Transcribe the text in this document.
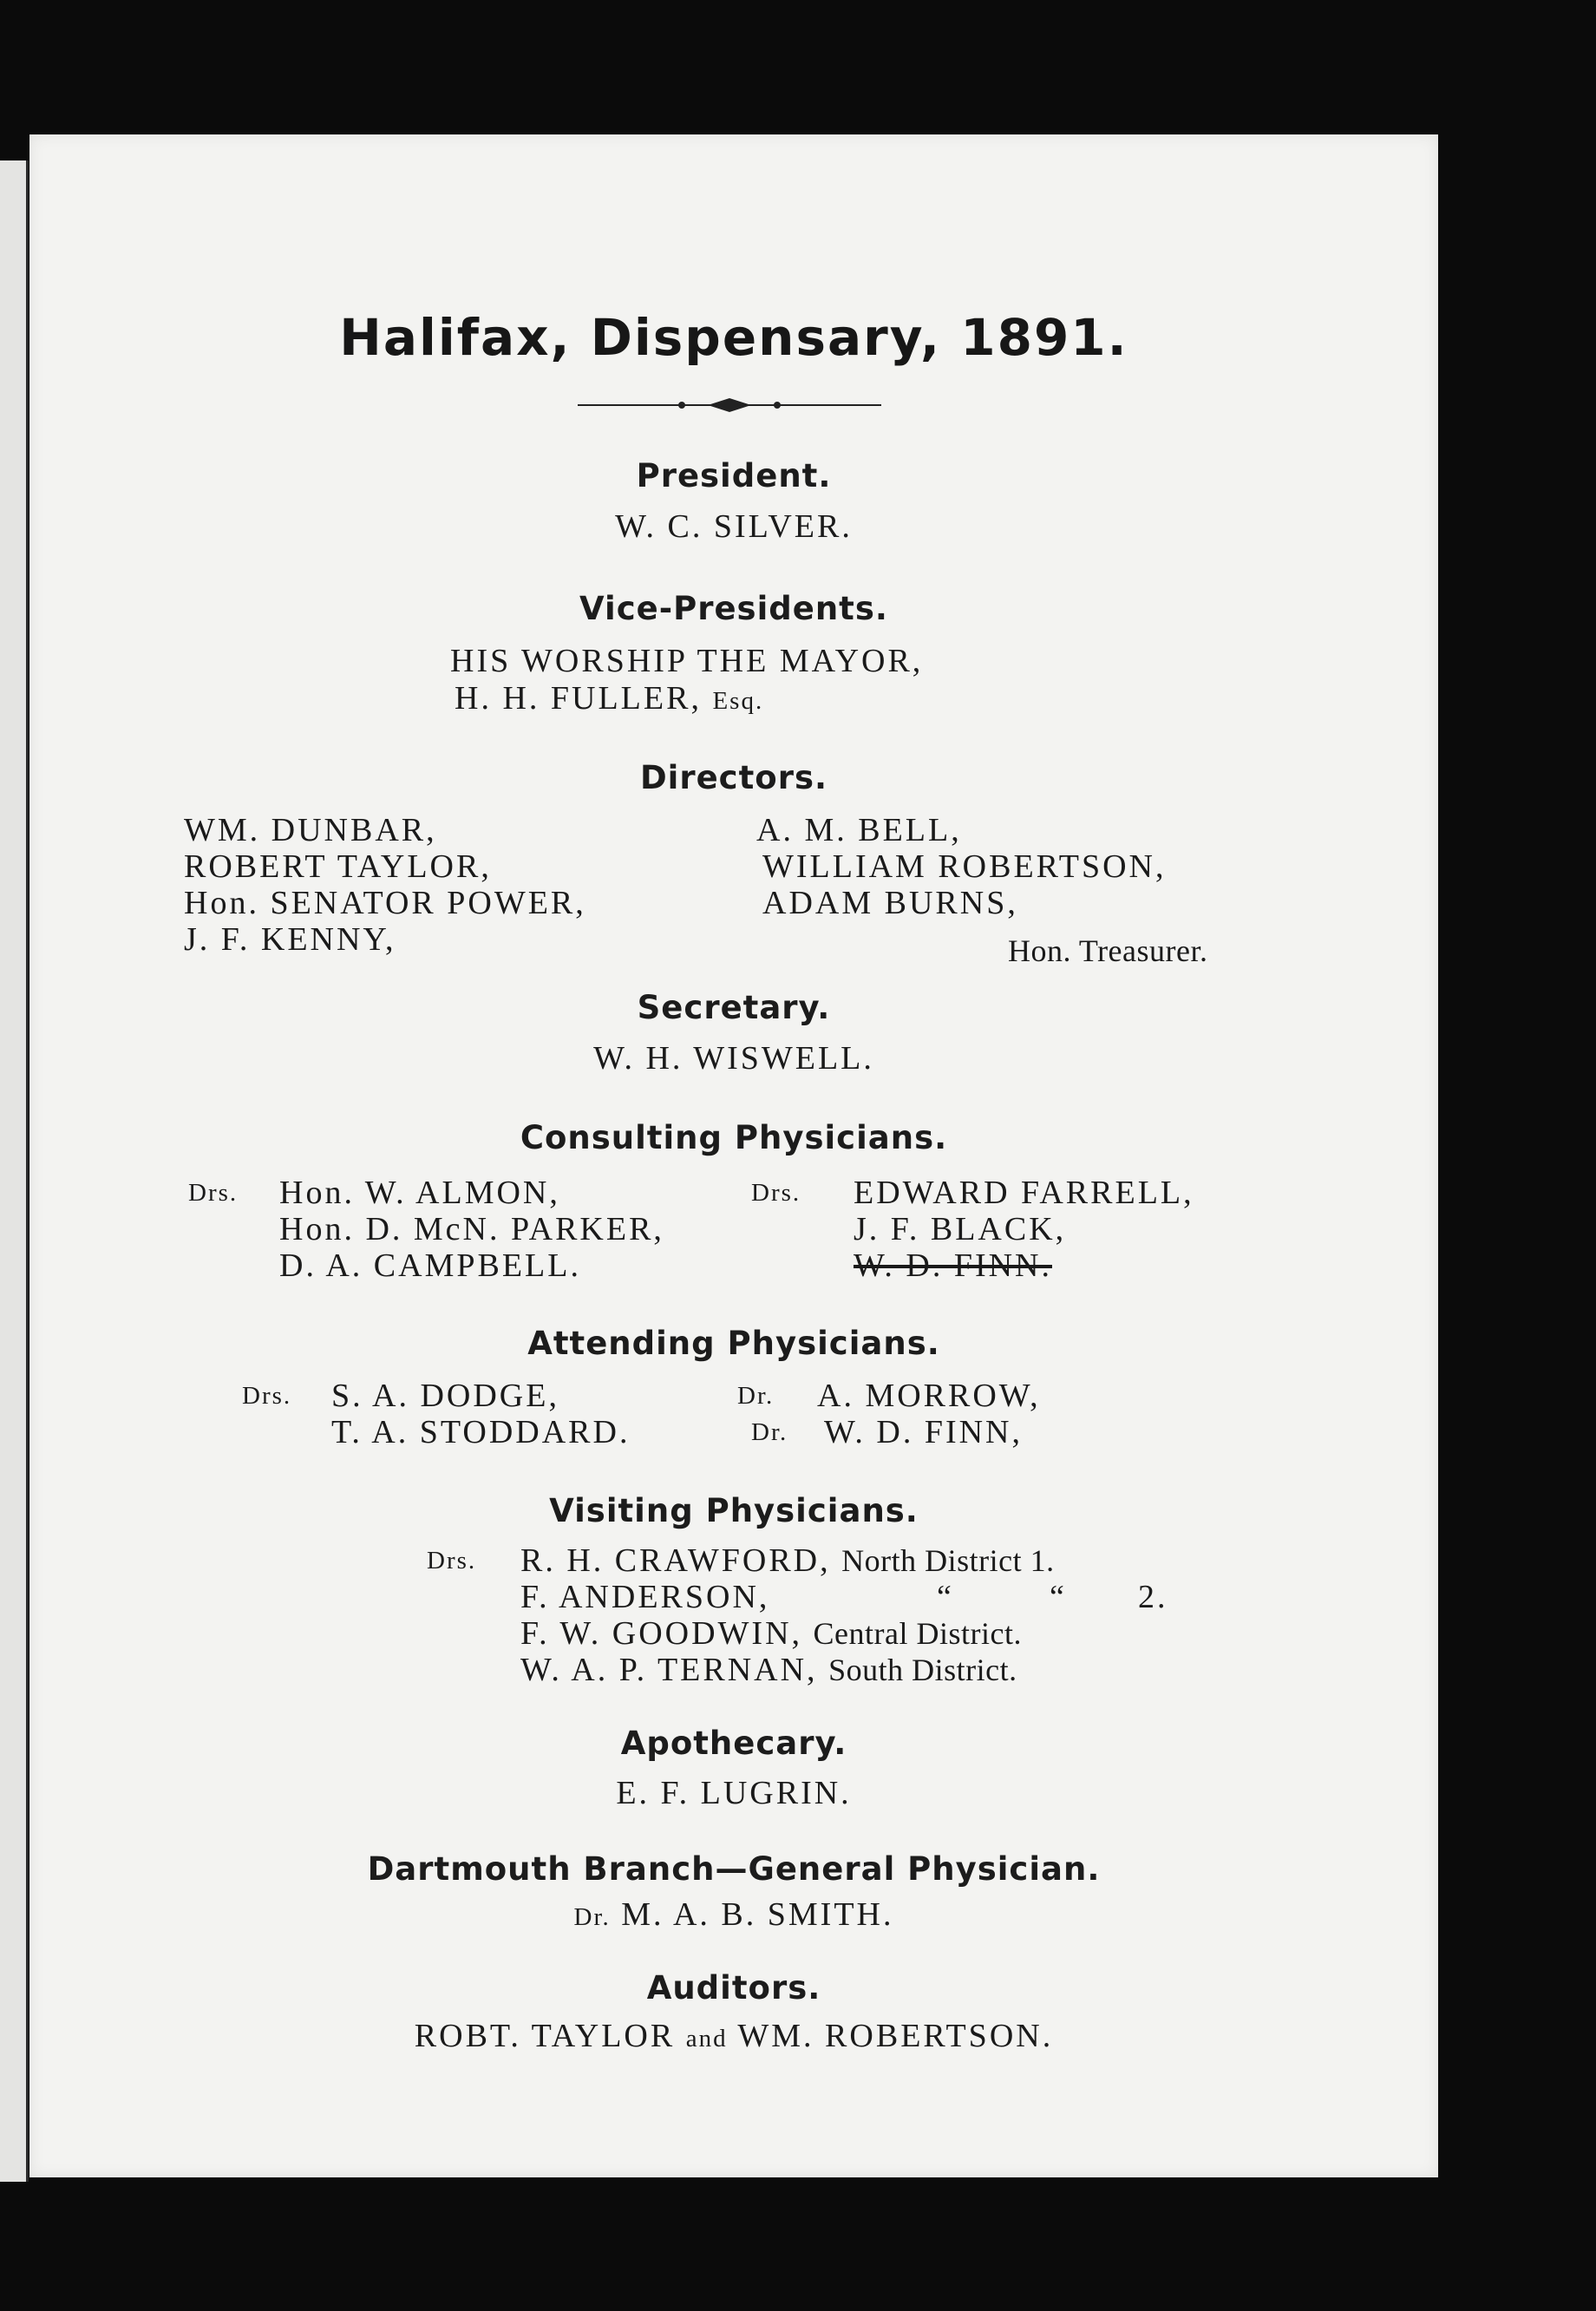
Halifax, Dispensary, 1891.
President.
W. C. SILVER.
Vice-Presidents.
HIS WORSHIP THE MAYOR,
H. H. FULLER, Esq.
Directors.
WM. DUNBAR,
ROBERT TAYLOR,
Hon. SENATOR POWER,
J. F. KENNY,
A. M. BELL,
WILLIAM ROBERTSON,
ADAM BURNS,
Hon. Treasurer.
Secretary.
W. H. WISWELL.
Consulting Physicians.
Drs. Hon. W. ALMON,
Hon. D. McN. PARKER,
D. A. CAMPBELL.
Drs. EDWARD FARRELL,
J. F. BLACK,
W. D. FINN.
Attending Physicians.
Drs. S. A. DODGE,
T. A. STODDARD.
Dr. A. MORROW,
Dr. W. D. FINN,
Visiting Physicians.
Drs. R. H. CRAWFORD, North District 1.
F. ANDERSON,	“	“ 2.
F. W. GOODWIN, Central District.
W. A. P. TERNAN, South District.
Apothecary.
E. F. LUGRIN.
Dartmouth Branch—General Physician.
Dr. M. A. B. SMITH.
Auditors.
ROBT. TAYLOR and WM. ROBERTSON.
